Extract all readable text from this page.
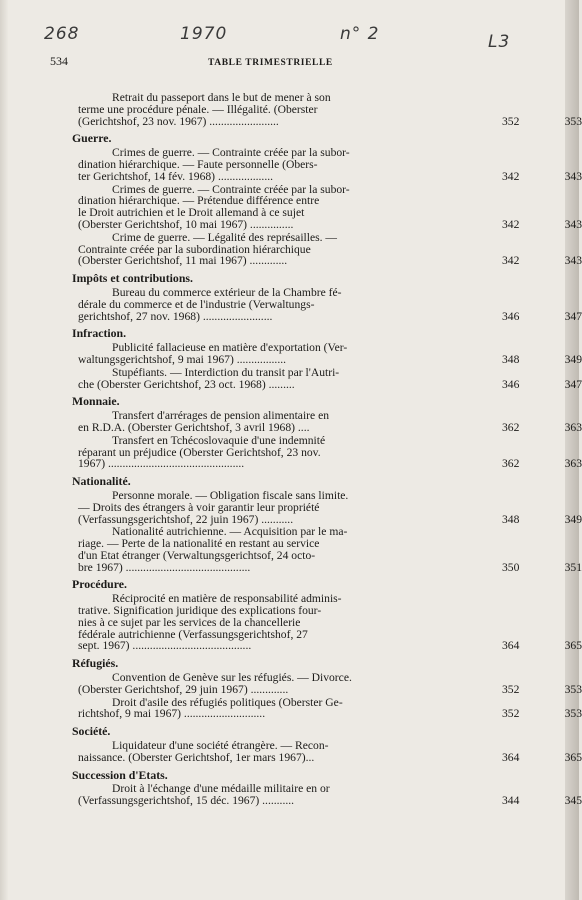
268	1970	n° 2	L3
534	TABLE TRIMESTRIELLE
Retrait du passeport dans le but de mener à son
terme une procédure pénale. — Illégalité. (Oberster
(Gerichtshof, 23 nov. 1967) ........................	352	353
Guerre.
Crimes de guerre. — Contrainte créée par la subor-
dination hiérarchique. — Faute personnelle (Obers-
ter Gerichtshof, 14 fév. 1968) ...................	342	343
Crimes de guerre. — Contrainte créée par la subor-
dination hiérarchique. — Prétendue différence entre
le Droit autrichien et le Droit allemand à ce sujet
(Oberster Gerichtshof, 10 mai 1967) ...............	342	343
Crime de guerre. — Légalité des représailles. —
Contrainte créée par la subordination hiérarchique
(Oberster Gerichtshof, 11 mai 1967) .............	342	343
Impôts et contributions.
Bureau du commerce extérieur de la Chambre fé-
dérale du commerce et de l'industrie (Verwaltungs-
gerichtshof, 27 nov. 1968) ........................	346	347
Infraction.
Publicité fallacieuse en matière d'exportation (Ver-
waltungsgerichtshof, 9 mai 1967) .................	348	349
Stupéfiants. — Interdiction du transit par l'Autri-
che (Oberster Gerichtshof, 23 oct. 1968) .........	346	347
Monnaie.
Transfert d'arrérages de pension alimentaire en
en R.D.A. (Oberster Gerichtshof, 3 avril 1968) ....	362	363
Transfert en Tchécoslovaquie d'une indemnité
réparant un préjudice (Oberster Gerichtshof, 23 nov.
1967) ...............................................	362	363
Nationalité.
Personne morale. — Obligation fiscale sans limite.
— Droits des étrangers à voir garantir leur propriété
(Verfassungsgerichtshof, 22 juin 1967) ...........	348	349
Nationalité autrichienne. — Acquisition par le ma-
riage. — Perte de la nationalité en restant au service
d'un Etat étranger (Verwaltungsgerichtsof, 24 octo-
bre 1967) ...........................................	350	351
Procédure.
Réciprocité en matière de responsabilité adminis-
trative. Signification juridique des explications four-
nies à ce sujet par les services de la chancellerie
fédérale autrichienne (Verfassungsgerichtshof, 27
sept. 1967) .........................................	364	365
Réfugiés.
Convention de Genève sur les réfugiés. — Divorce.
(Oberster Gerichtshof, 29 juin 1967) .............	352	353
Droit d'asile des réfugiés politiques (Oberster Ge-
richtshof, 9 mai 1967) ............................	352	353
Société.
Liquidateur d'une société étrangère. — Recon-
naissance. (Oberster Gerichtshof, 1er mars 1967)...	364	365
Succession d'Etats.
Droit à l'échange d'une médaille militaire en or
(Verfassungsgerichtshof, 15 déc. 1967) ...........	344	345
